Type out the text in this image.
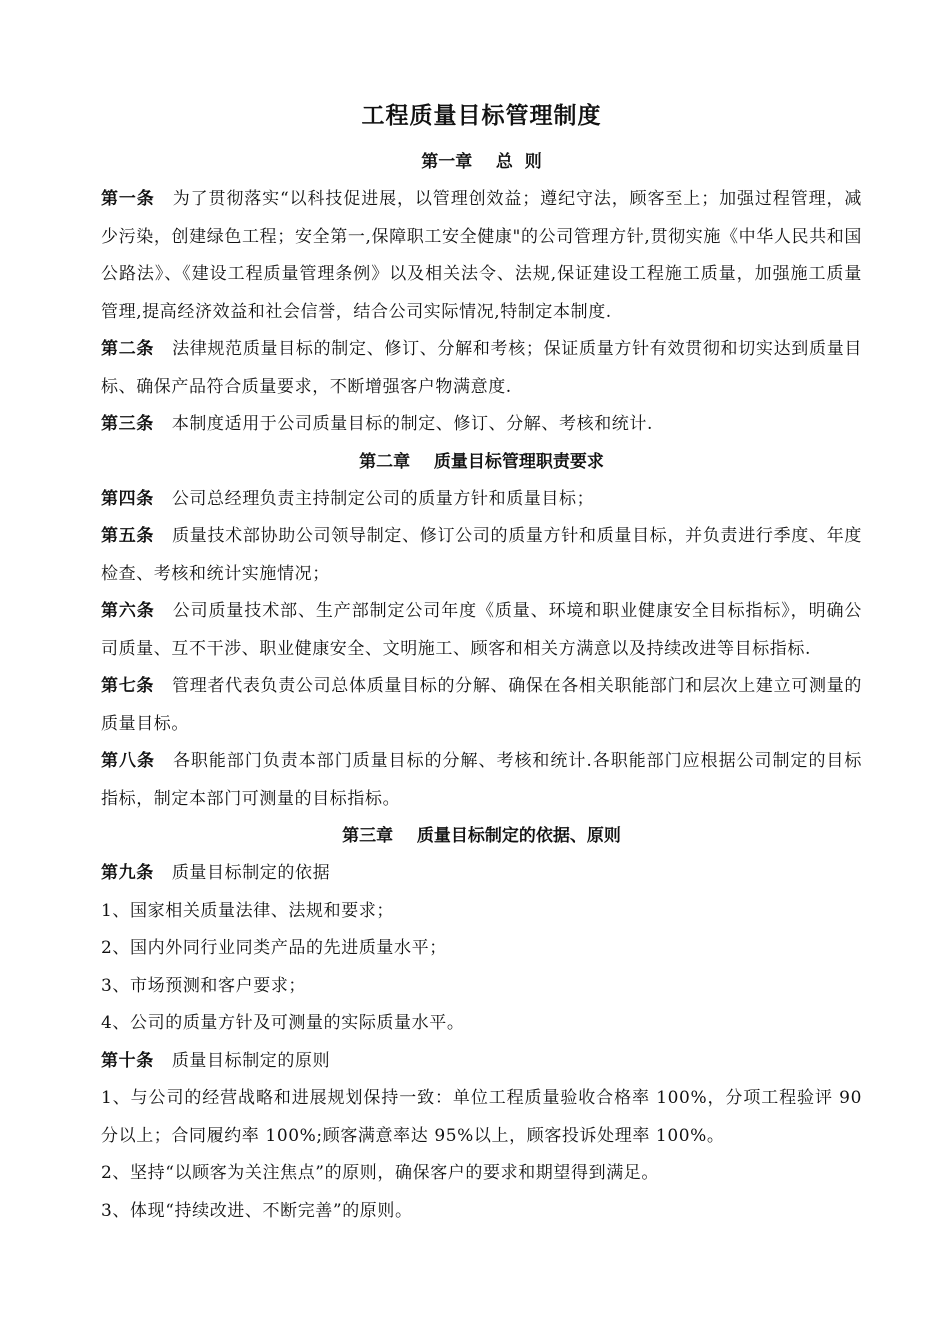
工程质量目标管理制度
第一章    总  则

第一条 为了贯彻落实“以科技促进展，以管理创效益；遵纪守法，顾客至上；加强过程管理，减少污染，创建绿色工程；安全第一,保障职工安全健康"的公司管理方针,贯彻实施《中华人民共和国公路法》、《建设工程质量管理条例》以及相关法令、法规,保证建设工程施工质量，加强施工质量管理,提高经济效益和社会信誉，结合公司实际情况,特制定本制度.

第二条 法律规范质量目标的制定、修订、分解和考核；保证质量方针有效贯彻和切实达到质量目标、确保产品符合质量要求，不断增强客户物满意度.

第三条 本制度适用于公司质量目标的制定、修订、分解、考核和统计.

第二章    质量目标管理职责要求

第四条 公司总经理负责主持制定公司的质量方针和质量目标；

第五条 质量技术部协助公司领导制定、修订公司的质量方针和质量目标，并负责进行季度、年度检查、考核和统计实施情况；

第六条 公司质量技术部、生产部制定公司年度《质量、环境和职业健康安全目标指标》，明确公司质量、互不干涉、职业健康安全、文明施工、顾客和相关方满意以及持续改进等目标指标.

第七条 管理者代表负责公司总体质量目标的分解、确保在各相关职能部门和层次上建立可测量的质量目标。

第八条 各职能部门负责本部门质量目标的分解、考核和统计.各职能部门应根据公司制定的目标指标，制定本部门可测量的目标指标。

第三章    质量目标制定的依据、原则

第九条 质量目标制定的依据

1、国家相关质量法律、法规和要求；

2、国内外同行业同类产品的先进质量水平；

3、市场预测和客户要求；

4、公司的质量方针及可测量的实际质量水平。

第十条 质量目标制定的原则

1、与公司的经营战略和进展规划保持一致：单位工程质量验收合格率 100%，分项工程验评 90 分以上；合同履约率 100%;顾客满意率达 95%以上，顾客投诉处理率 100%。

2、坚持“以顾客为关注焦点”的原则，确保客户的要求和期望得到满足。

3、体现“持续改进、不断完善”的原则。
